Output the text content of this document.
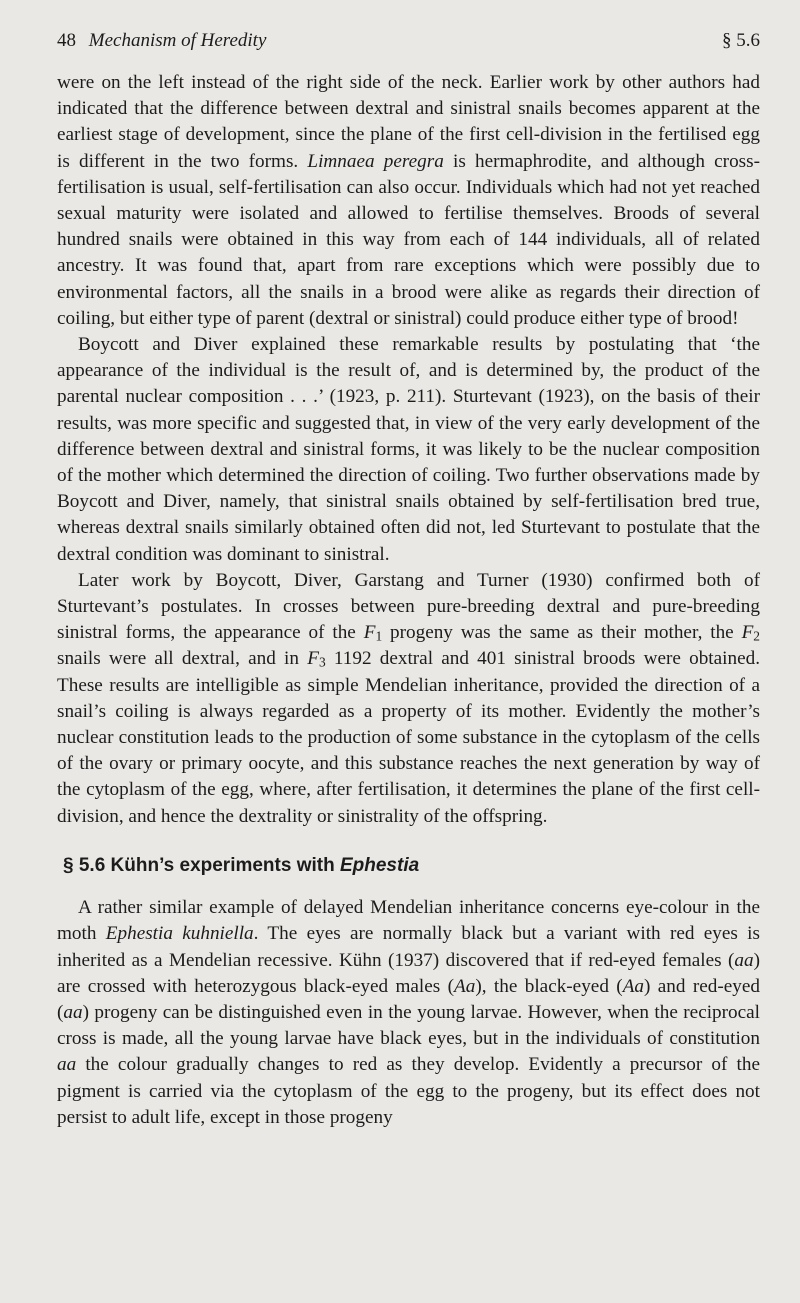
48 Mechanism of Heredity	§ 5.6

were on the left instead of the right side of the neck. Earlier work by other authors had indicated that the difference between dextral and sinistral snails becomes apparent at the earliest stage of development, since the plane of the first cell-division in the fertilised egg is different in the two forms. Limnaea peregra is hermaphrodite, and although cross-fertilisation is usual, self-fertilisation can also occur. Individuals which had not yet reached sexual maturity were isolated and allowed to fertilise themselves. Broods of several hundred snails were obtained in this way from each of 144 individuals, all of related ancestry. It was found that, apart from rare exceptions which were possibly due to environmental factors, all the snails in a brood were alike as regards their direction of coiling, but either type of parent (dextral or sinistral) could produce either type of brood!

Boycott and Diver explained these remarkable results by postulating that ‘the appearance of the individual is the result of, and is determined by, the product of the parental nuclear composition . . .’ (1923, p. 211). Sturtevant (1923), on the basis of their results, was more specific and suggested that, in view of the very early development of the difference between dextral and sinistral forms, it was likely to be the nuclear composition of the mother which determined the direction of coiling. Two further observations made by Boycott and Diver, namely, that sinistral snails obtained by self-fertilisation bred true, whereas dextral snails similarly obtained often did not, led Sturtevant to postulate that the dextral condition was dominant to sinistral.

Later work by Boycott, Diver, Garstang and Turner (1930) confirmed both of Sturtevant’s postulates. In crosses between pure-breeding dextral and pure-breeding sinistral forms, the appearance of the $F_1$ progeny was the same as their mother, the $F_2$ snails were all dextral, and in $F_3$ 1192 dextral and 401 sinistral broods were obtained. These results are intelligible as simple Mendelian inheritance, provided the direction of a snail’s coiling is always regarded as a property of its mother. Evidently the mother’s nuclear constitution leads to the production of some substance in the cytoplasm of the cells of the ovary or primary oocyte, and this substance reaches the next generation by way of the cytoplasm of the egg, where, after fertilisation, it determines the plane of the first cell-division, and hence the dextrality or sinistrality of the offspring.

§ 5.6 Kühn’s experiments with Ephestia

A rather similar example of delayed Mendelian inheritance concerns eye-colour in the moth Ephestia kuhniella. The eyes are normally black but a variant with red eyes is inherited as a Mendelian recessive. Kühn (1937) discovered that if red-eyed females (aa) are crossed with heterozygous black-eyed males (Aa), the black-eyed (Aa) and red-eyed (aa) progeny can be distinguished even in the young larvae. However, when the reciprocal cross is made, all the young larvae have black eyes, but in the individuals of constitution aa the colour gradually changes to red as they develop. Evidently a precursor of the pigment is carried via the cytoplasm of the egg to the progeny, but its effect does not persist to adult life, except in those progeny
